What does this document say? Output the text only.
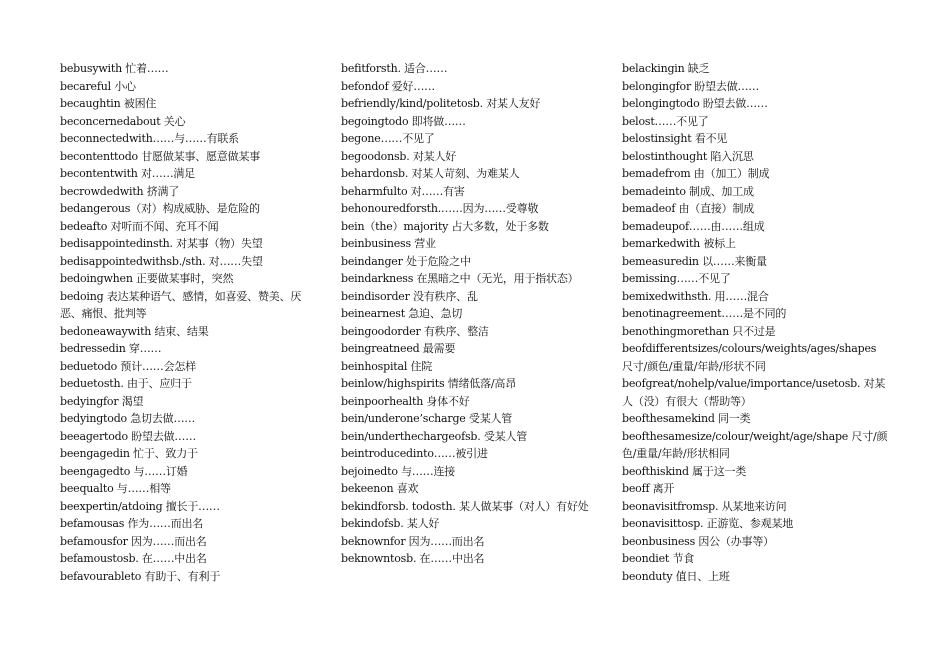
bebusywith 忙着……
becareful 小心
becaughtin 被困住
beconcernedabout 关心
beconnectedwith……与……有联系
becontenttodo 甘愿做某事、愿意做某事
becontentwith 对……满足
becrowdedwith 挤满了
bedangerous（对）构成威胁、是危险的
bedeafto 对听而不闻、充耳不闻
bedisappointedinsth. 对某事（物）失望
bedisappointedwithsb./sth. 对……失望
bedoingwhen 正要做某事时，突然
bedoing 表达某种语气、感情，如喜爱、赞美、厌恶、痛恨、批判等
bedoneawaywith 结束、结果
bedressedin 穿……
beduetodo 预计……会怎样
beduetosth. 由于、应归于
bedyingfor 渴望
bedyingtodo 急切去做……
beeagertodo 盼望去做……
beengagedin 忙于、致力于
beengagedto 与……订婚
beequalto 与……相等
beexpertin/atdoing 擅长于……
befamousas 作为……而出名
befamousfor 因为……而出名
befamoustosb. 在……中出名
befavourableto 有助于、有利于
befitforsth. 适合……
befondof 爱好……
befriendly/kind/politetosb. 对某人友好
begoingtodo 即将做……
begone……不见了
begoodonsb. 对某人好
behardonsb. 对某人苛刻、为难某人
beharmfulto 对……有害
behonouredforsth.……因为……受尊敬
bein（the）majority 占大多数，处于多数
beinbusiness 营业
beindanger 处于危险之中
beindarkness 在黑暗之中（无光，用于指状态）
beindisorder 没有秩序、乱
beinearnest 急迫、急切
beingoodorder 有秩序、整洁
beingreatneed 最需要
beinhospital 住院
beinlow/highspirits 情绪低落/高昂
beinpoorhealth 身体不好
bein/underone’scharge 受某人管
bein/underthechargeofsb. 受某人管
beintroducedinto……被引进
bejoinedto 与……连接
bekeenon 喜欢
bekindforsb. todosth. 某人做某事（对人）有好处
bekindofsb. 某人好
beknownfor 因为……而出名
beknowntosb. 在……中出名
belackingin 缺乏
belongingfor 盼望去做……
belongingtodo 盼望去做……
belost……不见了
belostinsight 看不见
belostinthought 陷入沉思
bemadefrom 由（加工）制成
bemadeinto 制成、加工成
bemadeof 由（直接）制成
bemadeupof……由……组成
bemarkedwith 被标上
bemeasuredin 以……来衡量
bemissing……不见了
bemixedwithsth. 用……混合
benotinagreement……是不同的
benothingmorethan 只不过是
beofdifferentsizes/colours/weights/ages/shapes 尺寸/颜色/重量/年龄/形状不同
beofgreat/nohelp/value/importance/usetosb. 对某人（没）有很大（帮助等）
beofthesamekind 同一类
beofthesamesize/colour/weight/age/shape 尺寸/颜色/重量/年龄/形状相同
beofthiskind 属于这一类
beoff 离开
beonavisitfromsp. 从某地来访问
beonavisittosp. 正游览、参观某地
beonbusiness 因公（办事等）
beondiet 节食
beonduty 值日、上班
